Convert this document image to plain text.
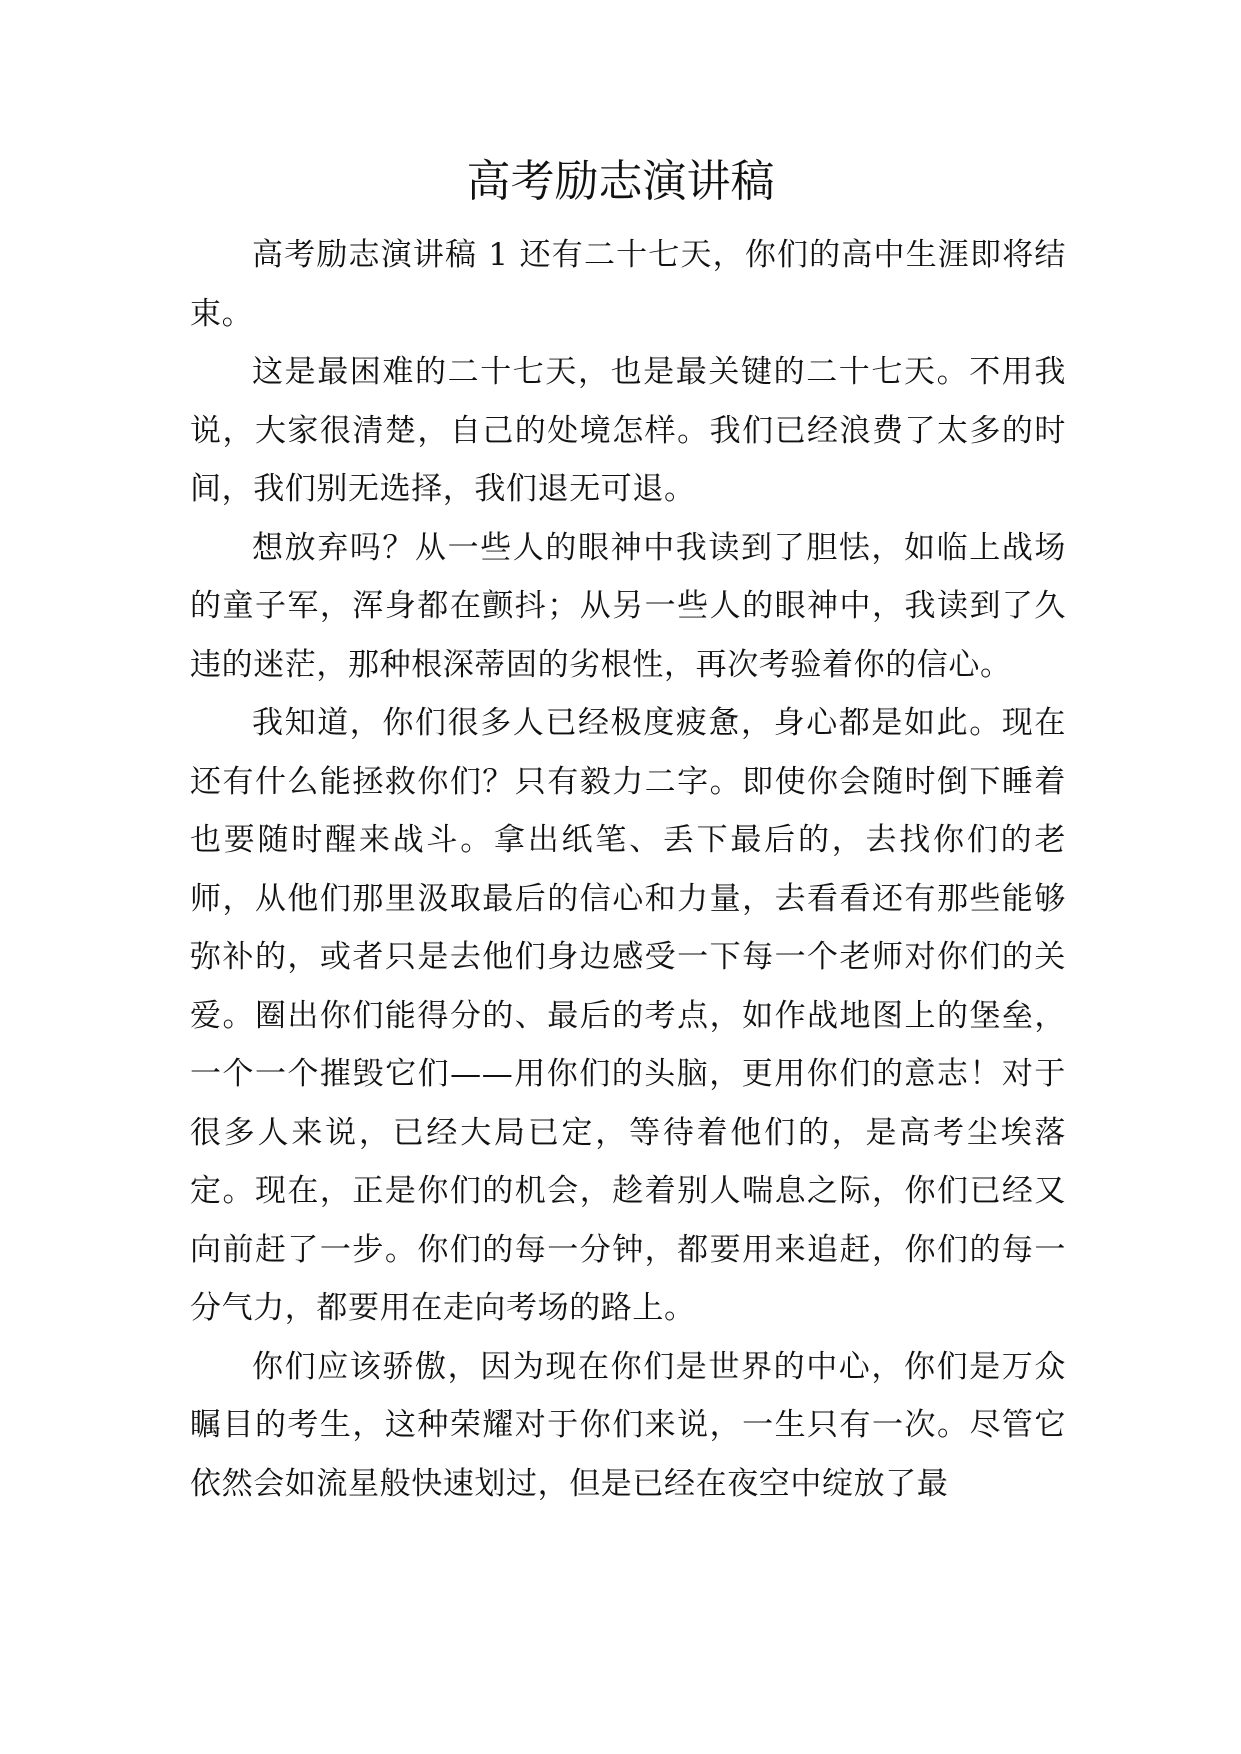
高考励志演讲稿

高考励志演讲稿 1 还有二十七天，你们的高中生涯即将结束。

这是最困难的二十七天，也是最关键的二十七天。不用我说，大家很清楚，自己的处境怎样。我们已经浪费了太多的时间，我们别无选择，我们退无可退。

想放弃吗？从一些人的眼神中我读到了胆怯，如临上战场的童子军，浑身都在颤抖；从另一些人的眼神中，我读到了久违的迷茫，那种根深蒂固的劣根性，再次考验着你的信心。

我知道，你们很多人已经极度疲惫，身心都是如此。现在还有什么能拯救你们？只有毅力二字。即使你会随时倒下睡着也要随时醒来战斗。拿出纸笔、丢下最后的，去找你们的老师，从他们那里汲取最后的信心和力量，去看看还有那些能够弥补的，或者只是去他们身边感受一下每一个老师对你们的关爱。圈出你们能得分的、最后的考点，如作战地图上的堡垒，一个一个摧毁它们——用你们的头脑，更用你们的意志！对于很多人来说，已经大局已定，等待着他们的，是高考尘埃落定。现在，正是你们的机会，趁着别人喘息之际，你们已经又向前赶了一步。你们的每一分钟，都要用来追赶，你们的每一分气力，都要用在走向考场的路上。

你们应该骄傲，因为现在你们是世界的中心，你们是万众瞩目的考生，这种荣耀对于你们来说，一生只有一次。尽管它依然会如流星般快速划过，但是已经在夜空中绽放了最
